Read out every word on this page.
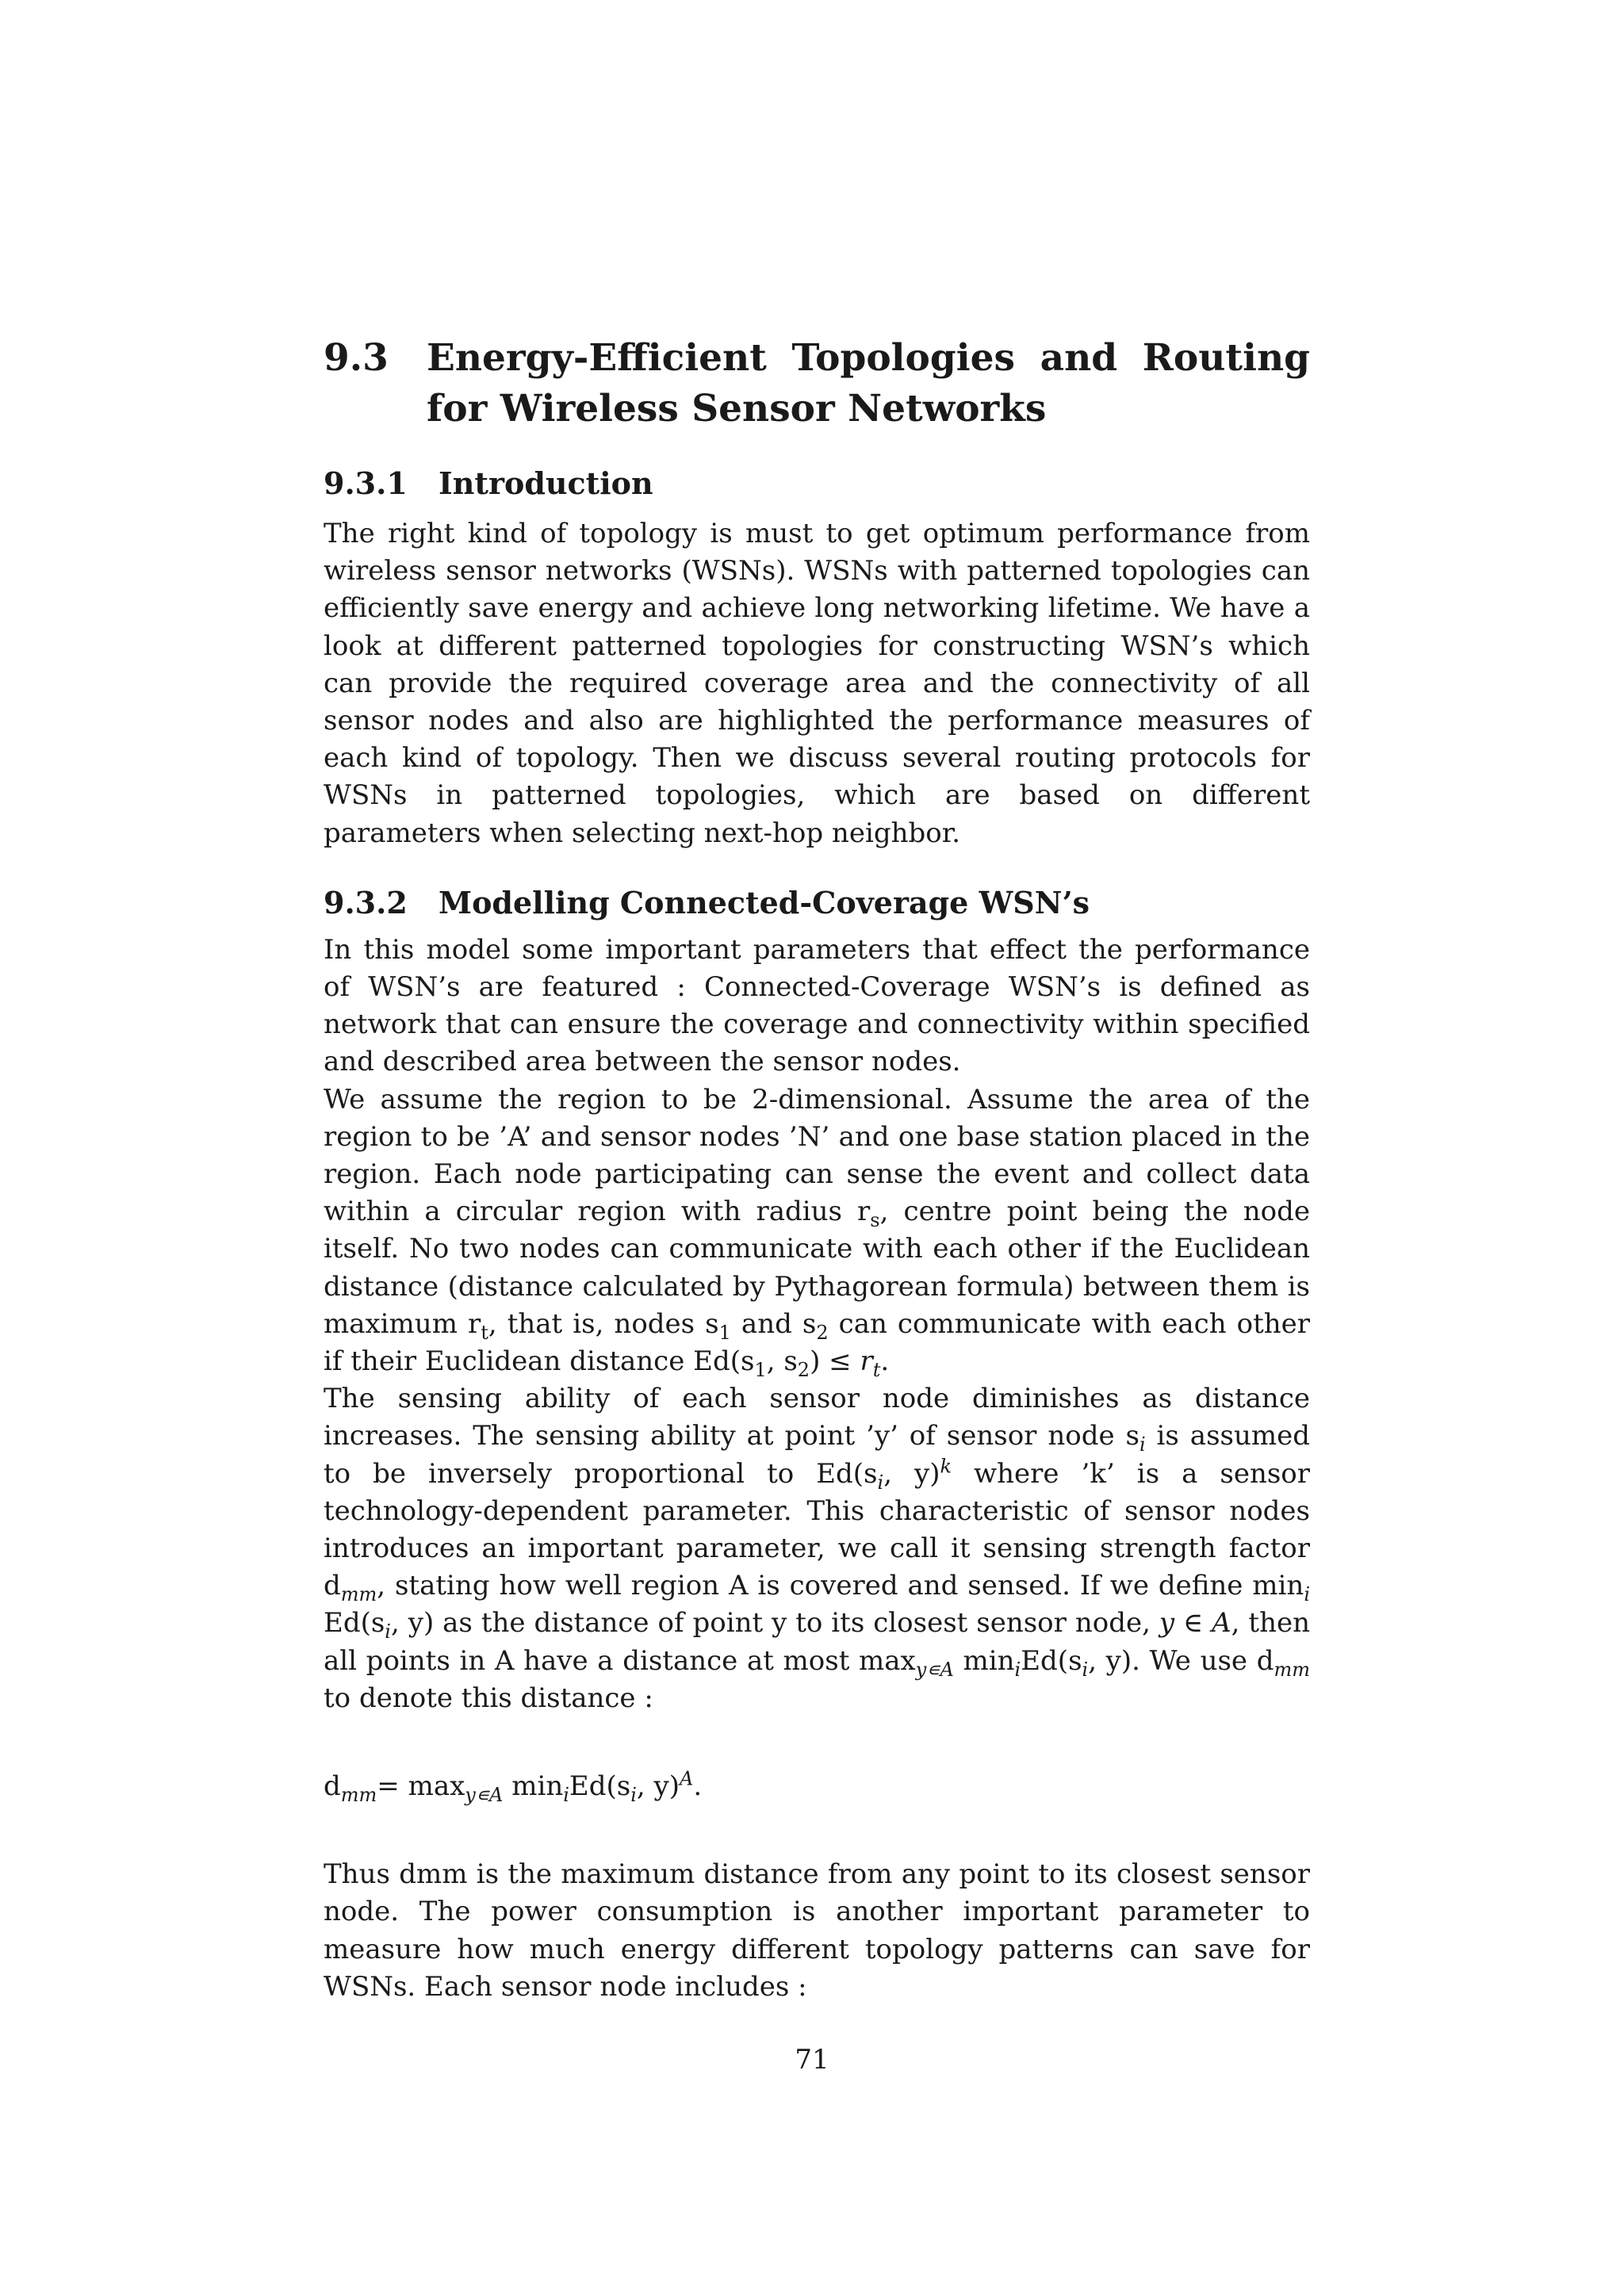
9.3	Energy-Efficient Topologies and Routing for Wireless Sensor Networks
9.3.1	Introduction

The right kind of topology is must to get optimum performance from wireless sensor networks (WSNs). WSNs with patterned topologies can efficiently save energy and achieve long networking lifetime. We have a look at different patterned topologies for constructing WSN’s which can provide the required coverage area and the connectivity of all sensor nodes and also are highlighted the performance measures of each kind of topology. Then we discuss several routing protocols for WSNs in patterned topologies, which are based on different parameters when selecting next-hop neighbor.

9.3.2	Modelling Connected-Coverage WSN’s

In this model some important parameters that effect the performance of WSN’s are featured : Connected-Coverage WSN’s is defined as network that can ensure the coverage and connectivity within specified and described area between the sensor nodes.

We assume the region to be 2-dimensional. Assume the area of the region to be ’A’ and sensor nodes ’N’ and one base station placed in the region. Each node participating can sense the event and collect data within a circular region with radius $r_s$, centre point being the node itself. No two nodes can communicate with each other if the Euclidean distance (distance calculated by Pythagorean formula) between them is maximum $r_t$, that is, nodes $s_1$ and $s_2$ can communicate with each other if their Euclidean distance $Ed(s_1$, $s_2) \le r_t$.

The sensing ability of each sensor node diminishes as distance increases. The sensing ability at point ’y’ of sensor node $s_i$ is assumed to be inversely proportional to $Ed(s_i$, y)$^k$ where ’k’ is a sensor technology-dependent parameter. This characteristic of sensor nodes introduces an important parameter, we call it sensing strength factor $d_{mm}$, stating how well region A is covered and sensed. If we define $\min_i Ed(s_i$, y) as the distance of point y to its closest sensor node, y ∈ A, then all points in A have a distance at most $\max_{y∊A} \min_iEd(s_i$, y). We use $d_{mm}$ to denote this distance :

$d_{mm}= \max_{y∊A} \min_iEd(s_i$, y)$^A$.

Thus dmm is the maximum distance from any point to its closest sensor node. The power consumption is another important parameter to measure how much energy different topology patterns can save for WSNs. Each sensor node includes :

71
